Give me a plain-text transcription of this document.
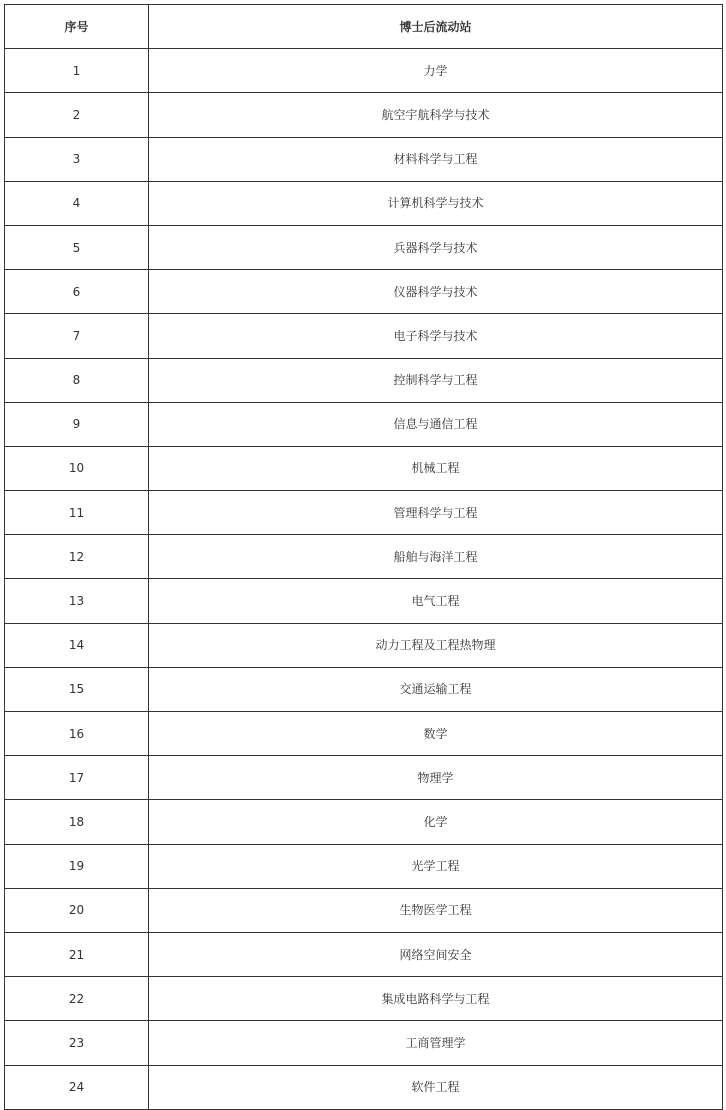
序号	博士后流动站
1	力学
2	航空宇航科学与技术
3	材料科学与工程
4	计算机科学与技术
5	兵器科学与技术
6	仪器科学与技术
7	电子科学与技术
8	控制科学与工程
9	信息与通信工程
10	机械工程
11	管理科学与工程
12	船舶与海洋工程
13	电气工程
14	动力工程及工程热物理
15	交通运输工程
16	数学
17	物理学
18	化学
19	光学工程
20	生物医学工程
21	网络空间安全
22	集成电路科学与工程
23	工商管理学
24	软件工程
